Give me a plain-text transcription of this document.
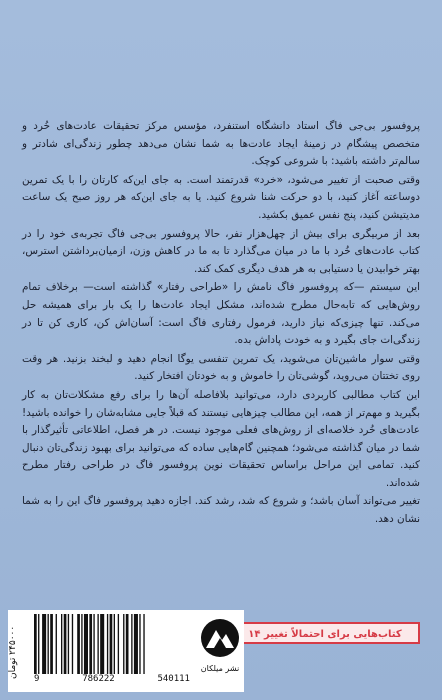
پروفسور بی‌جی فاگ استاد دانشگاه استنفرد، مؤسس مرکز تحقیقات عادت‌های خُرد و متخصص پیشگام در زمینهٔ ایجاد عادت‌ها به شما نشان می‌دهد چطور زندگی‌ای شادتر و سالم‌تر داشته باشید: با شروعی کوچک.

وقتی صحبت از تغییر می‌شود، «خرد» قدرتمند است. به جای این‌که کارتان را با یک تمرین دوساعته آغاز کنید، با دو حرکت شنا شروع کنید. یا به جای این‌که هر روز صبح یک ساعت مدیتیشن کنید، پنج نفس عمیق بکشید.

بعد از مربیگری برای بیش از چهل‌هزار نفر، حالا پروفسور بی‌جی فاگ تجربه‌ی خود را در کتاب عادت‌های خُرد با ما در میان می‌گذارد تا به ما در کاهش وزن، ازمیان‌برداشتن استرس، بهتر خوابیدن یا دستیابی به هر هدف دیگری کمک کند.

این سیستم —که پروفسور فاگ نامش را «طراحی رفتار» گذاشته است— برخلاف تمام روش‌هایی که تابه‌حال مطرح شده‌اند، مشکل ایجاد عادت‌ها را یک بار برای همیشه حل می‌کند. تنها چیزی‌که نیاز دارید، فرمول رفتاری فاگ است: آسان‌اش کن، کاری کن تا در زندگی‌ات جای بگیرد و به خودت پاداش بده.

وقتی سوار ماشین‌تان می‌شوید، یک تمرین تنفسی یوگا انجام دهید و لبخند بزنید. هر وقت روی تختتان می‌روید، گوشی‌تان را خاموش و به خودتان افتخار کنید.

این کتاب مطالبی کاربردی دارد، می‌توانید بلافاصله آن‌ها را برای رفع مشکلات‌تان به کار بگیرید و مهم‌تر از همه، این مطالب چیزهایی نیستند که قبلاً جایی مشابه‌شان را خوانده باشید! عادت‌های خُرد خلاصه‌ای از روش‌های فعلی موجود نیست. در هر فصل، اطلاعاتی تأثیرگذار با شما در میان گذاشته می‌شود؛ همچنین گام‌هایی ساده که می‌توانید برای بهبود زندگی‌تان دنبال کنید. تمامی این مراحل براساس تحقیقات نوین پروفسور فاگ در طراحی رفتار مطرح شده‌اند.

تغییر می‌تواند آسان باشد؛ و شروع که شد، رشد کند. اجازه دهید پروفسور فاگ این را به شما نشان دهد.

کتاب‌هایی برای احتمالاً تغییر ۱۴
۲۴۵۰۰۰ تومان
9	786222	540111
نشر میلکان
